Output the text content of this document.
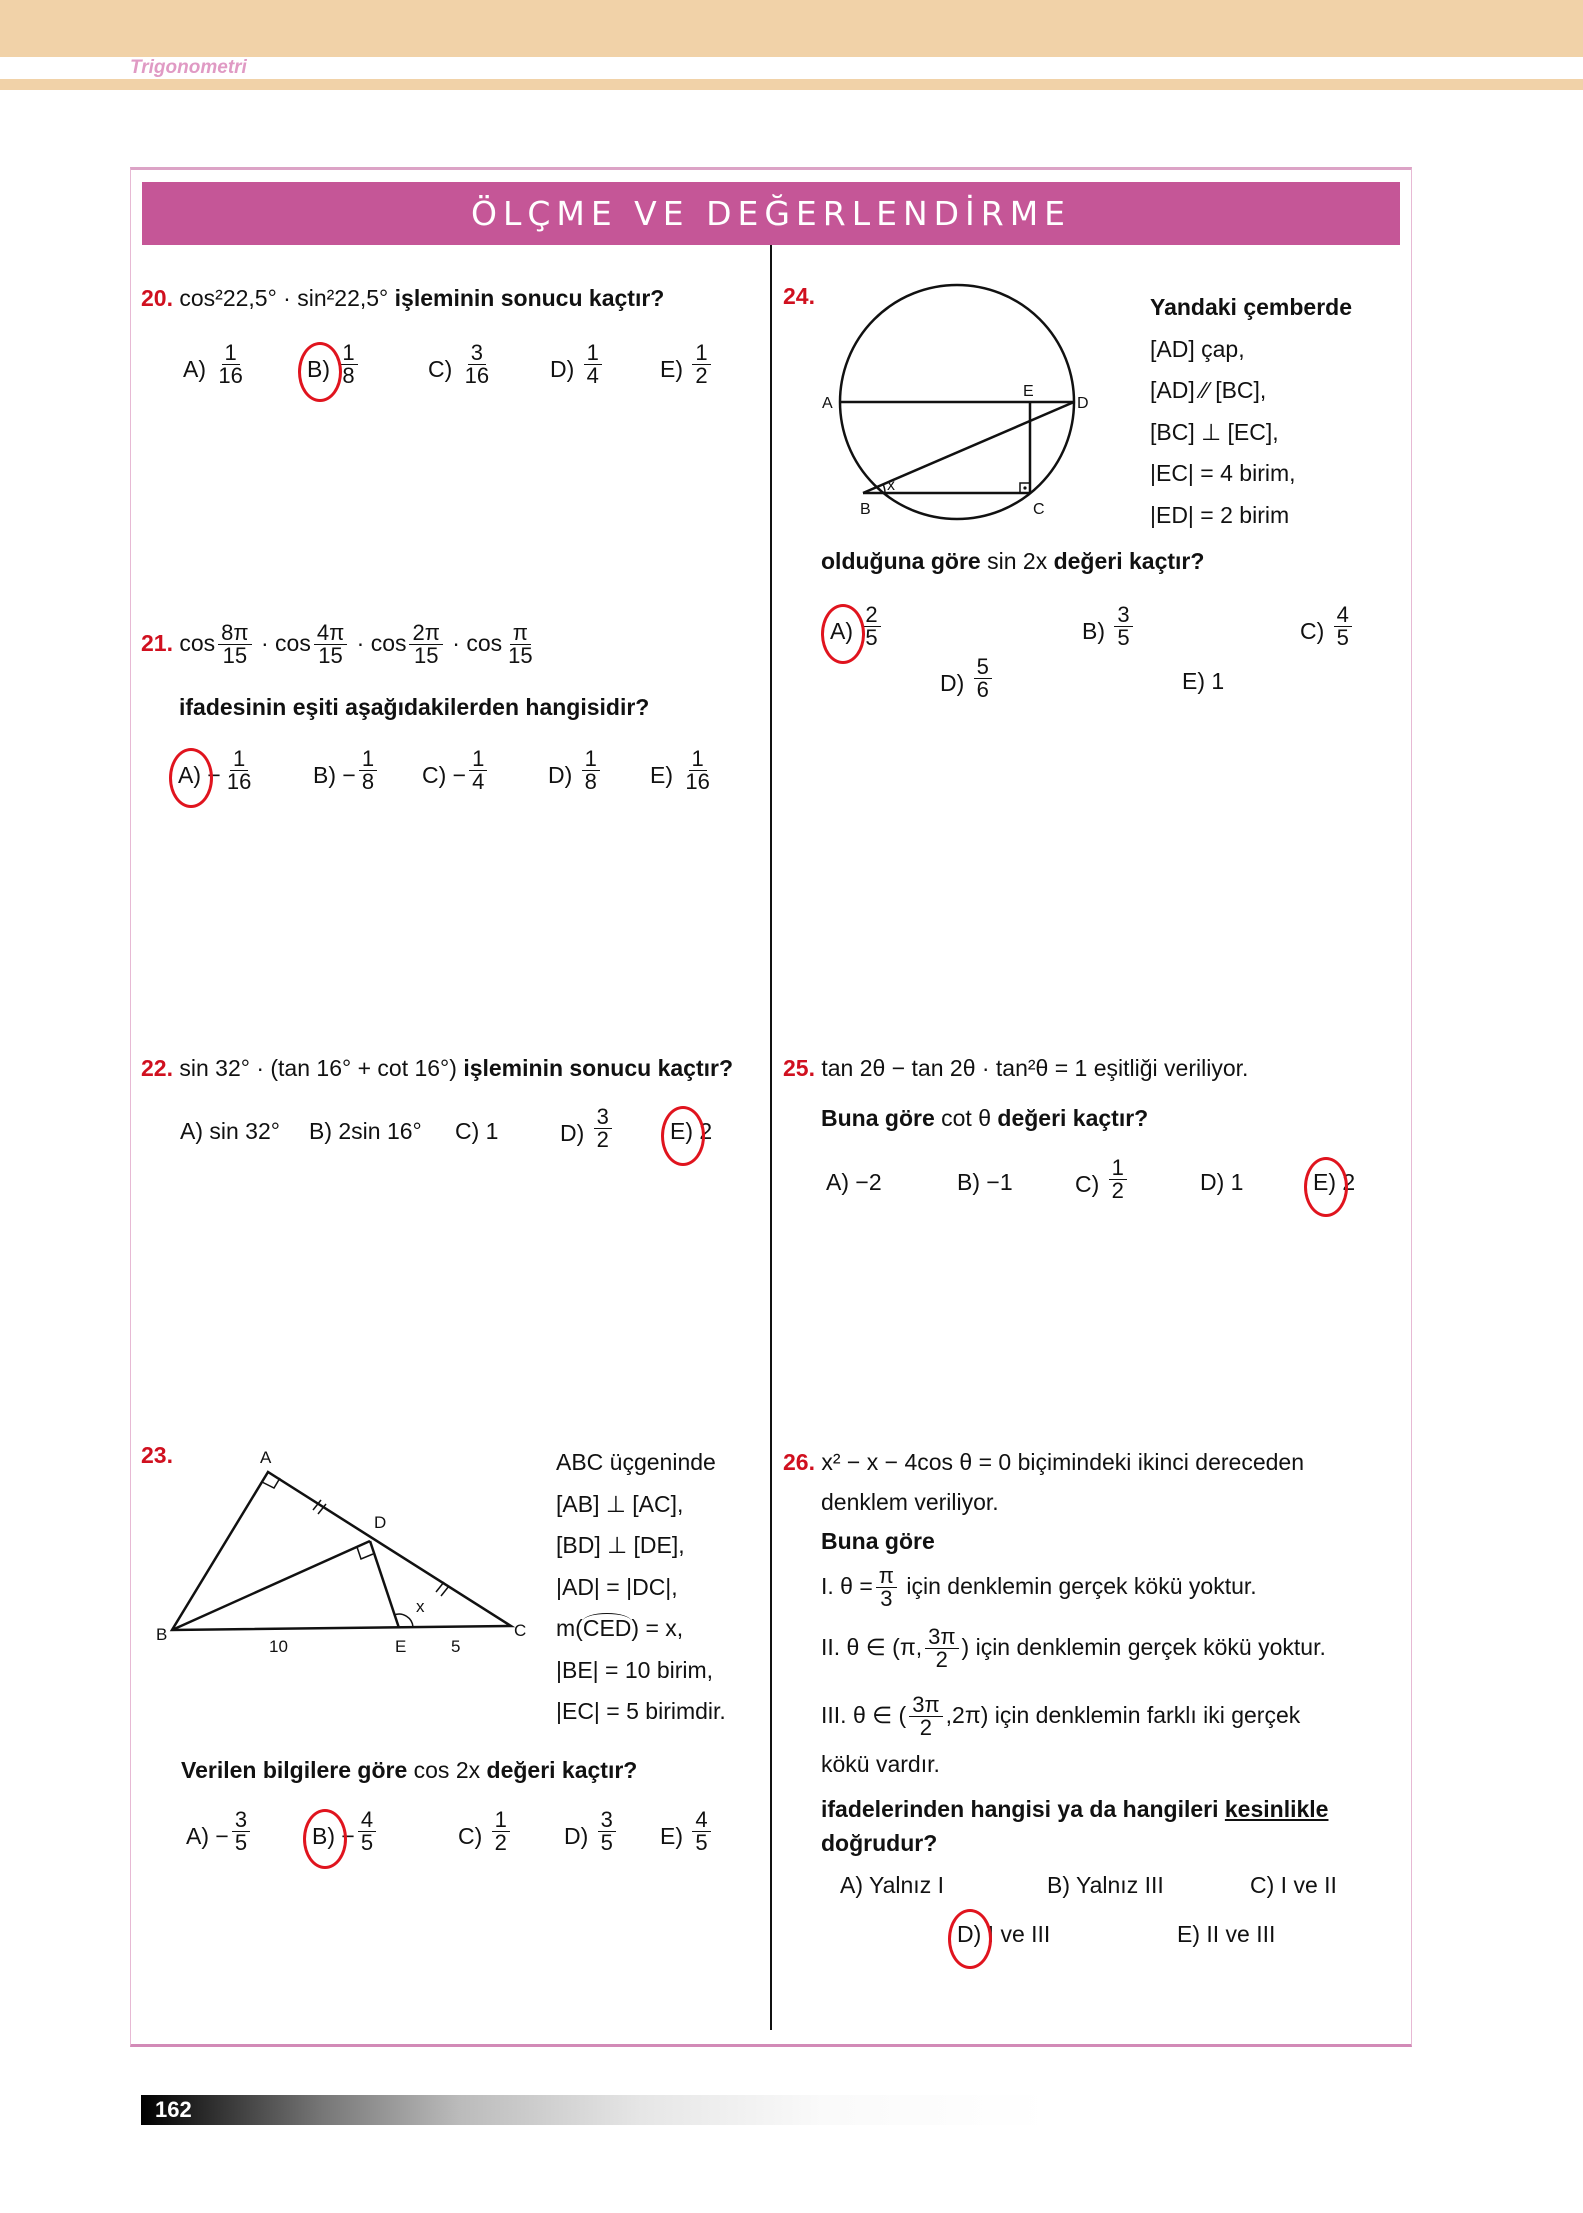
Trigonometri
ÖLÇME VE DEĞERLENDİRME
20. cos²22,5° · sin²22,5° işleminin sonucu kaçtır?
21. $\cos \frac{8\pi}{15} \cdot \cos \frac{4\pi}{15} \cdot \cos \frac{2\pi}{15} \cdot \cos \frac{\pi}{15}$
ifadesinin eşiti aşağıdakilerden hangisidir?
22. sin 32° · (tan 16° + cot 16°) işleminin sonucu kaçtır?
23.	A
B	C
D
E
x
10	5
ABC üçgeninde
[AB] ⊥ [AC],
[BD] ⊥ [DE],
|AD| = |DC|,
m(CED) = x,
|BE| = 10 birim,
|EC| = 5 birimdir.
Verilen bilgilere göre cos 2x değeri kaçtır?
24.
A	D
E
B	C
x
Yandaki çemberde
[AD] çap,
[AD] ∕∕ [BC],
[BC] ⊥ [EC],
|EC| = 4 birim,
|ED| = 2 birim
olduğuna göre sin 2x değeri kaçtır?
25. tan 2θ − tan 2θ · tan²θ = 1 eşitliği veriliyor.
Buna göre cot θ değeri kaçtır?
26. x² − x − 4cos θ = 0 biçimindeki ikinci dereceden
denklem veriliyor.
Buna göre
I. $\theta = \frac{\pi}{3}$ için denklemin gerçek kökü yoktur.
II. θ ∈ (π, $\frac{3\pi}{2}$ ) için denklemin gerçek kökü yoktur.
III. θ ∈ ( $\frac{3\pi}{2} ,2\pi$) için denklemin farklı iki gerçek
kökü vardır.
ifadelerinden hangisi ya da hangileri kesinlikle
doğrudur?
162
$A) \frac{1}{16}$	$B) \frac{1}{8}$	$C) \frac{3}{16}$	$D) \frac{1}{4}$	$E) \frac{1}{2}$
$A) - \frac{1}{16}$	$B) - \frac{1}{8} C) - \frac{1}{4}$	$D) \frac{1}{8} E) \frac{1}{16}$
A) sin 32° B) 2sin 16° C) 1	$D) \frac{3}{2}$	E) 2
$A) - \frac{3}{5}$	$B) - \frac{4}{5}$	$C) \frac{1}{2} D) \frac{3}{5} E) \frac{4}{5}$
$A) \frac{2}{5}$	$B) \frac{3}{5}$	$C) \frac{4}{5}$
$D) \frac{5}{6}$	E) 1
A) −2	B) −1	$C) \frac{1}{2}$	D) 1	E) 2
A) Yalnız I	B) Yalnız III	C) I ve II
D) I ve III	E) II ve III
